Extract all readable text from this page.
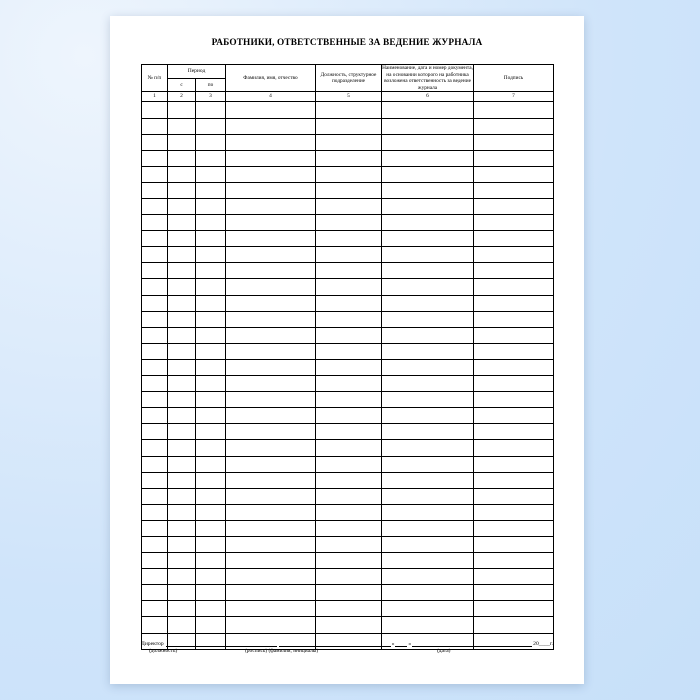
РАБОТНИКИ, ОТВЕТСТВЕННЫЕ ЗА ВЕДЕНИЕ ЖУРНАЛА
№ п/п	Период		Фамилия, имя, отчество	Должность, структурное подразделение	Наименование, дата и номер документа, на основании которого на работника возложена ответственность за ведение журнала	Подпись
	с	по				
1	2	3	4	5	6	7

Директор	«	»	20____г.
(должность)	(роспись) (фамилия, инициалы)	(дата)
